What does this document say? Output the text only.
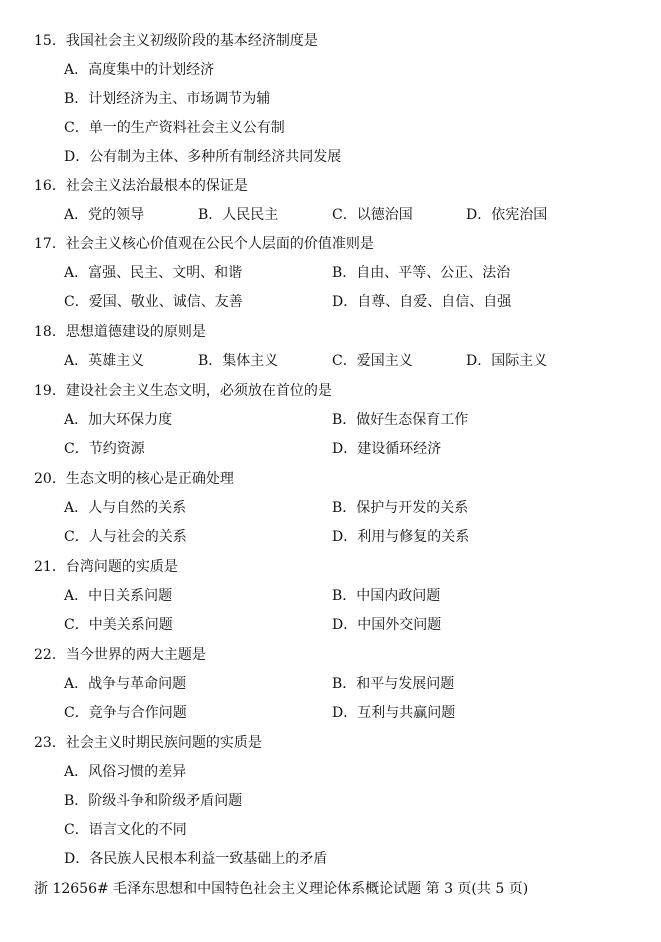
15．我国社会主义初级阶段的基本经济制度是
A．高度集中的计划经济
B．计划经济为主、市场调节为辅
C．单一的生产资料社会主义公有制
D．公有制为主体、多种所有制经济共同发展
16．社会主义法治最根本的保证是
A．党的领导	B．人民民主	C．以德治国	D．依宪治国
17．社会主义核心价值观在公民个人层面的价值准则是
A．富强、民主、文明、和谐	B．自由、平等、公正、法治
C．爱国、敬业、诚信、友善	D．自尊、自爱、自信、自强
18．思想道德建设的原则是
A．英雄主义	B．集体主义	C．爱国主义	D．国际主义
19．建设社会主义生态文明，必须放在首位的是
A．加大环保力度	B．做好生态保育工作
C．节约资源	D．建设循环经济
20．生态文明的核心是正确处理
A．人与自然的关系	B．保护与开发的关系
C．人与社会的关系	D．利用与修复的关系
21．台湾问题的实质是
A．中日关系问题	B．中国内政问题
C．中美关系问题	D．中国外交问题
22．当今世界的两大主题是
A．战争与革命问题	B．和平与发展问题
C．竞争与合作问题	D．互利与共赢问题
23．社会主义时期民族问题的实质是
A．风俗习惯的差异
B．阶级斗争和阶级矛盾问题
C．语言文化的不同
D．各民族人民根本利益一致基础上的矛盾
浙 12656# 毛泽东思想和中国特色社会主义理论体系概论试题 第 3 页(共 5 页)
